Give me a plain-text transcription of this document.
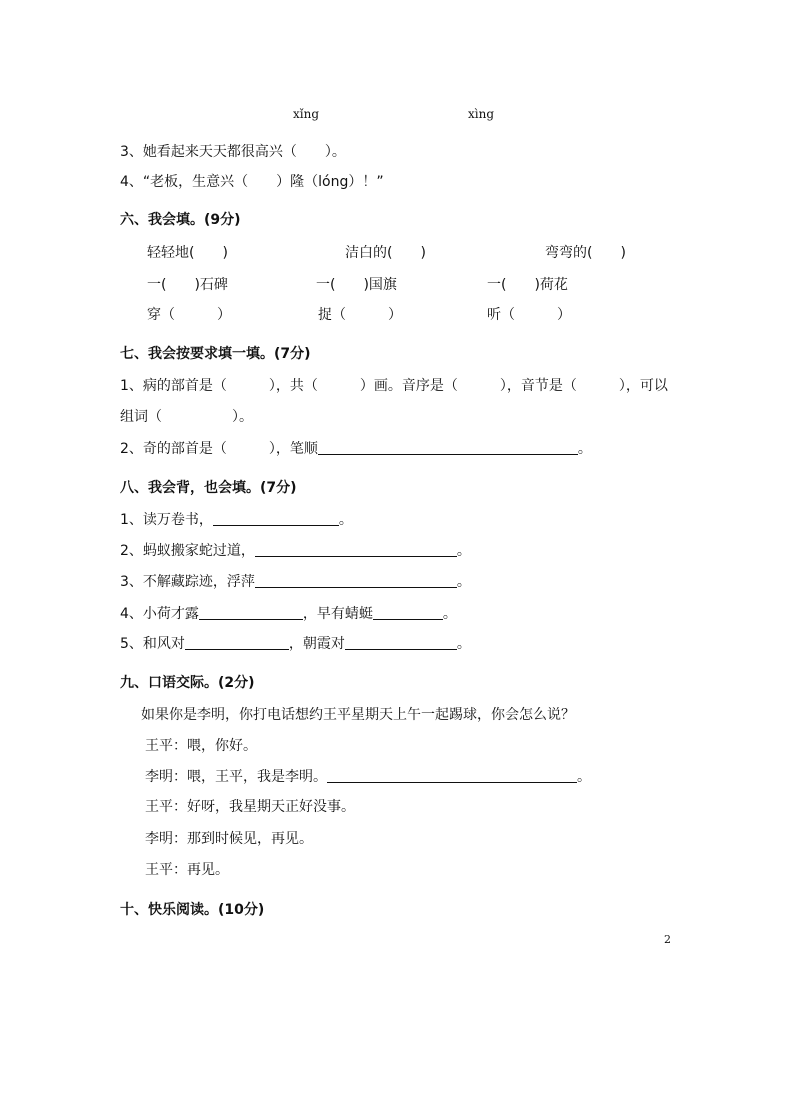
xǐng	xìng
3、她看起来天天都很高兴（　　）。
4、“老板，生意兴（　　）隆（lóng）！”
六、我会填。(9分)
轻轻地(　　)	洁白的(　　)	弯弯的(　　)
一(　　)石碑	一(　　)国旗	一(　　)荷花
穿（　　　）	捉（　　　）	听（　　　）
七、我会按要求填一填。(7分)
1、病的部首是（　　　），共（　　　）画。音序是（　　　），音节是（　　　），可以
组词（　　　　　）。
2、奇的部首是（　　　），笔顺	。
八、我会背，也会填。(7分)
1、读万卷书，	。
2、蚂蚁搬家蛇过道，	。
3、不解藏踪迹，浮萍	。
4、小荷才露	，早有蜻蜓	。
5、和风对	，朝霞对	。
九、口语交际。(2分)
如果你是李明，你打电话想约王平星期天上午一起踢球，你会怎么说？
王平：喂，你好。
李明：喂，王平，我是李明。	。
王平：好呀，我星期天正好没事。
李明：那到时候见，再见。
王平：再见。
十、快乐阅读。(10分)
2
